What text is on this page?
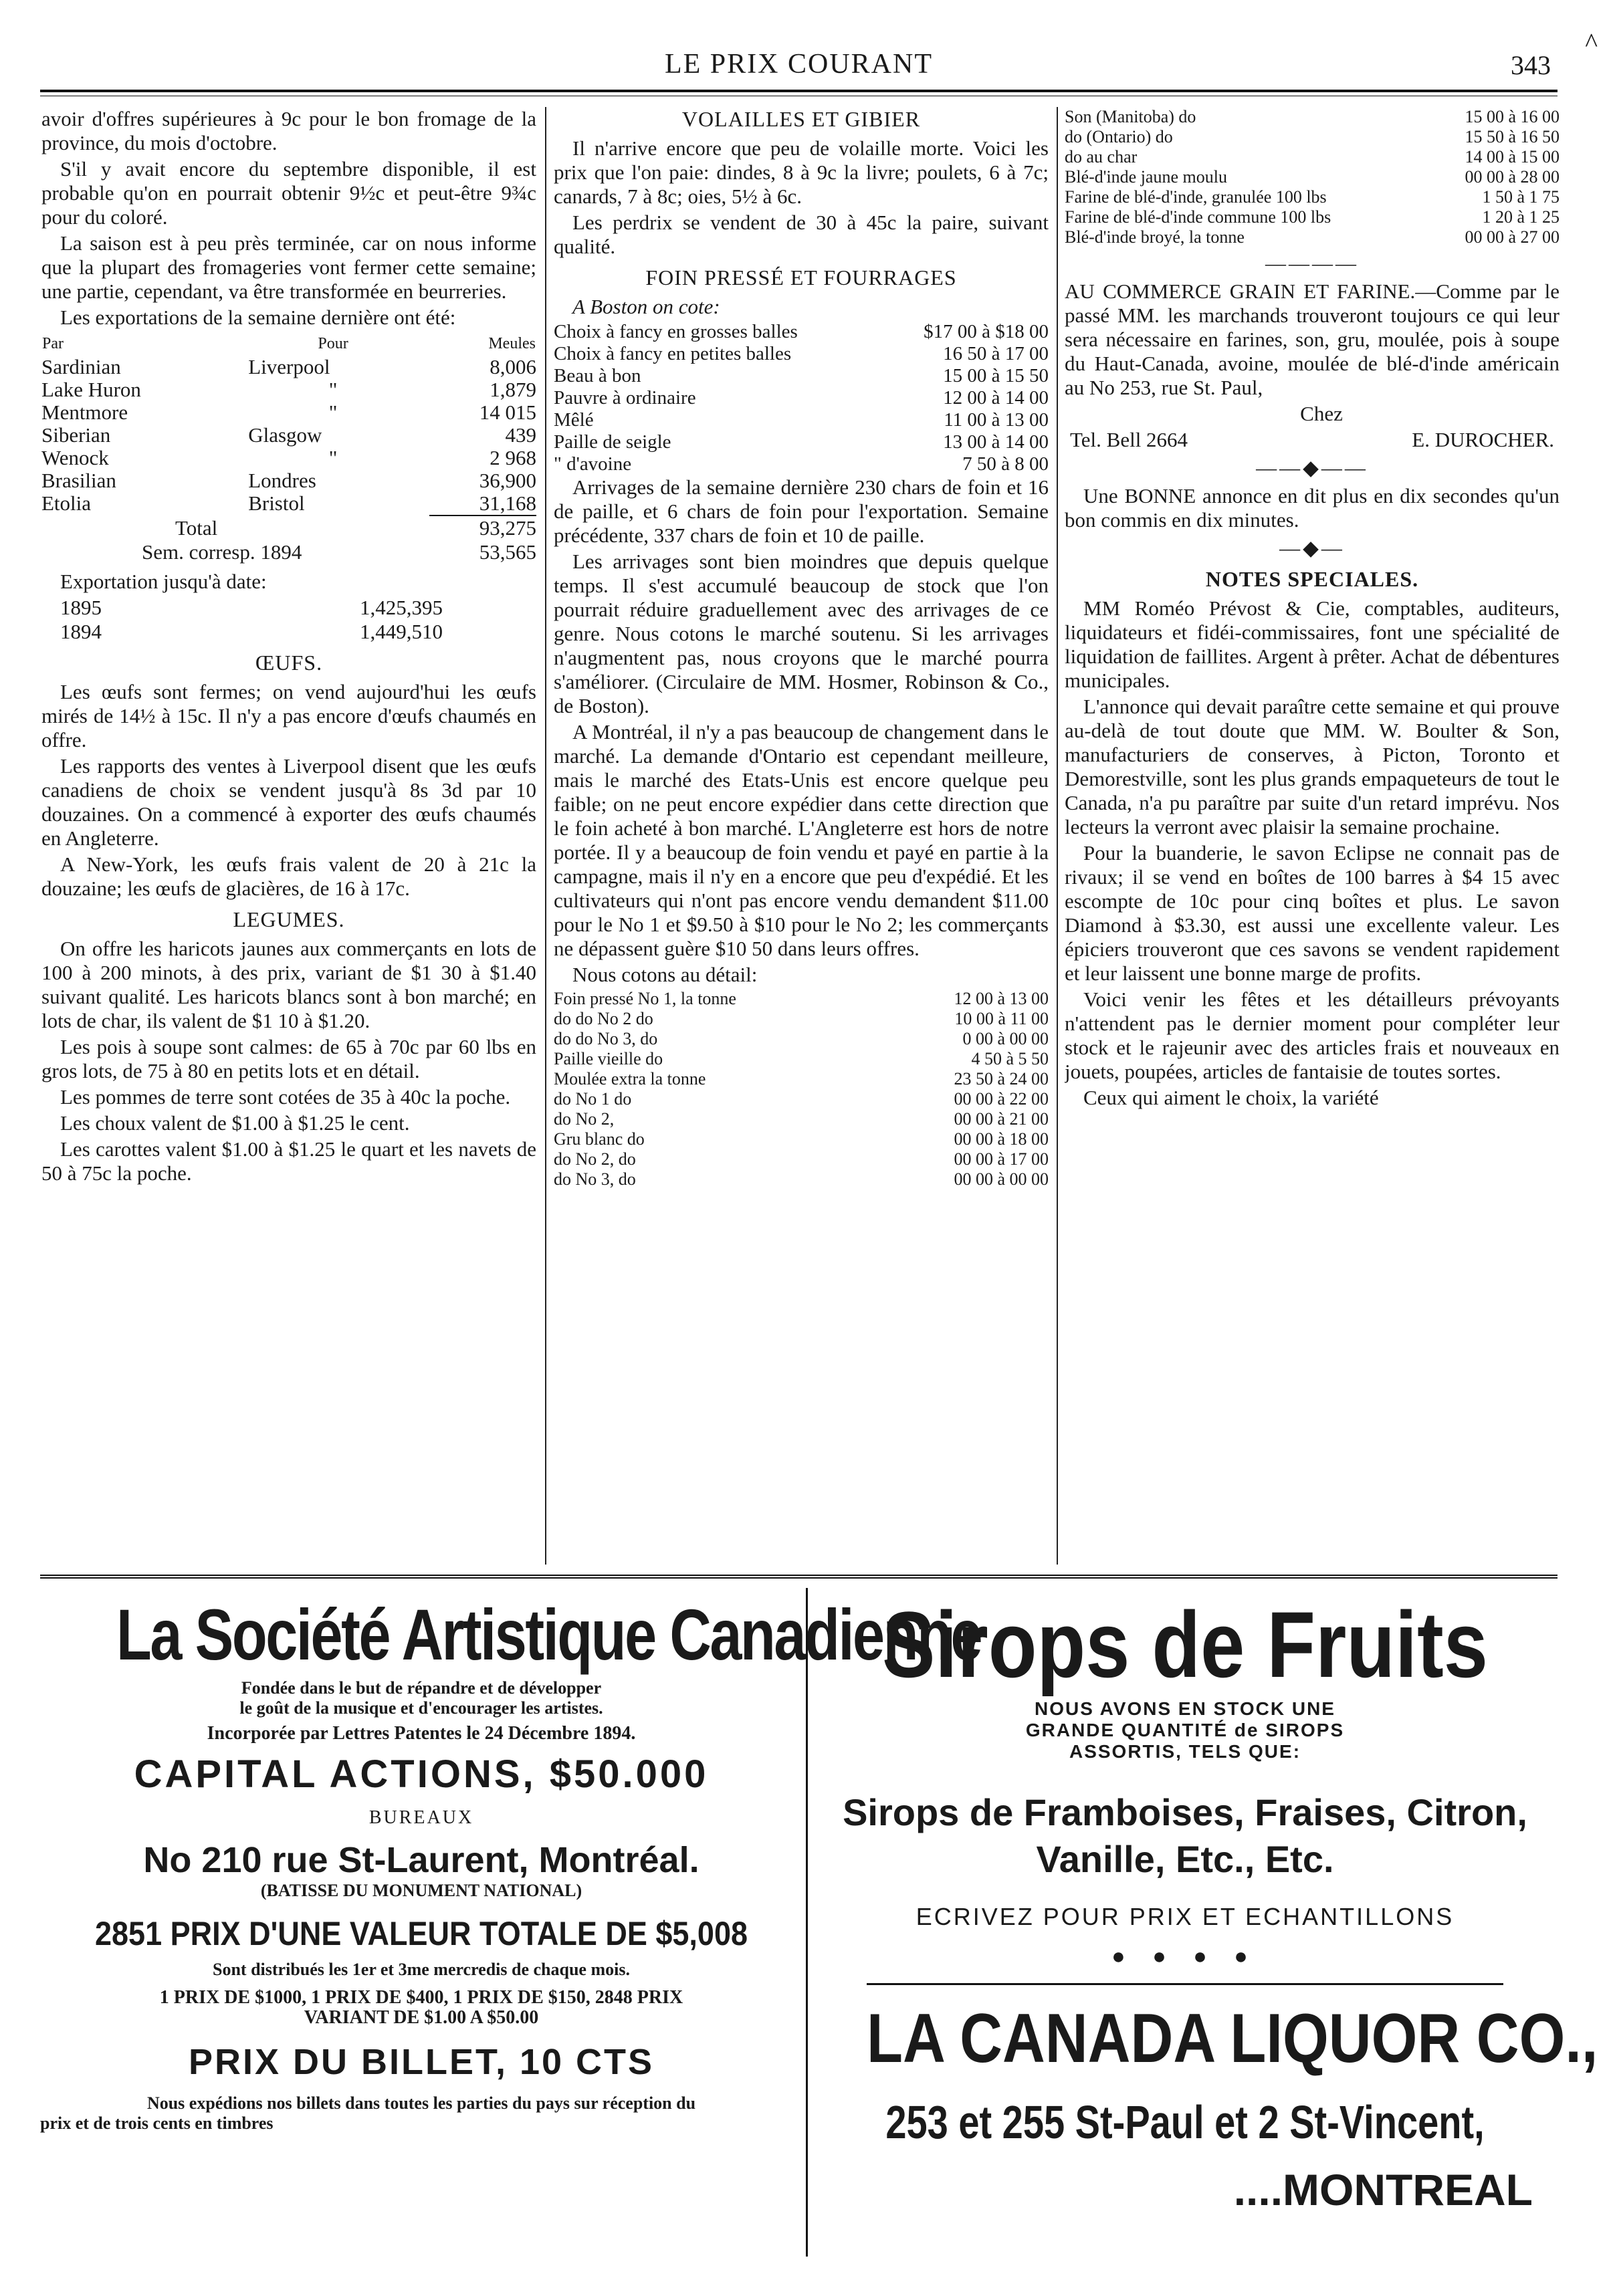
^
LE PRIX COURANT	343

avoir d'offres supérieures à 9c pour le bon fromage de la province, du mois d'octobre.

S'il y avait encore du septembre disponible, il est probable qu'on en pourrait obtenir 9½c et peut-être 9¾c pour du coloré.

La saison est à peu près terminée, car on nous informe que la plupart des fromageries vont fermer cette semaine; une partie, cependant, va être transformée en beurreries.

Les exportations de la semaine dernière ont été:

Par	Pour	Meules
Sardinian	Liverpool	8,006
Lake Huron	"	1,879
Mentmore	"	14 015
Siberian	Glasgow	439
Wenock	"	2 968
Brasilian	Londres	36,900
Etolia	Bristol	31,168
Total	93,275
Sem. corresp. 1894	53,565

Exportation jusqu'à date:

1895	1,425,395
1894	1,449,510
ŒUFS.

Les œufs sont fermes; on vend aujourd'hui les œufs mirés de 14½ à 15c. Il n'y a pas encore d'œufs chaumés en offre.

Les rapports des ventes à Liverpool disent que les œufs canadiens de choix se vendent jusqu'à 8s 3d par 10 douzaines. On a commencé à exporter des œufs chaumés en Angleterre.

A New-York, les œufs frais valent de 20 à 21c la douzaine; les œufs de glacières, de 16 à 17c.

LEGUMES.

On offre les haricots jaunes aux commerçants en lots de 100 à 200 minots, à des prix, variant de $1 30 à $1.40 suivant qualité. Les haricots blancs sont à bon marché; en lots de char, ils valent de $1 10 à $1.20.

Les pois à soupe sont calmes: de 65 à 70c par 60 lbs en gros lots, de 75 à 80 en petits lots et en détail.

Les pommes de terre sont cotées de 35 à 40c la poche.

Les choux valent de $1.00 à $1.25 le cent.

Les carottes valent $1.00 à $1.25 le quart et les navets de 50 à 75c la poche.

VOLAILLES ET GIBIER

Il n'arrive encore que peu de volaille morte. Voici les prix que l'on paie: dindes, 8 à 9c la livre; poulets, 6 à 7c; canards, 7 à 8c; oies, 5½ à 6c.

Les perdrix se vendent de 30 à 45c la paire, suivant qualité.

FOIN PRESSÉ ET FOURRAGES

A Boston on cote:

Choix à fancy en grosses balles	$17 00 à $18 00
Choix à fancy en petites balles	16 50 à 17 00
Beau à bon	15 00 à 15 50
Pauvre à ordinaire	12 00 à 14 00
Mêlé	11 00 à 13 00
Paille de seigle	13 00 à 14 00
" d'avoine	7 50 à 8 00

Arrivages de la semaine dernière 230 chars de foin et 16 de paille, et 6 chars de foin pour l'exportation. Semaine précédente, 337 chars de foin et 10 de paille.

Les arrivages sont bien moindres que depuis quelque temps. Il s'est accumulé beaucoup de stock que l'on pourrait réduire graduellement avec des arrivages de ce genre. Nous cotons le marché soutenu. Si les arrivages n'augmentent pas, nous croyons que le marché pourra s'améliorer. (Circulaire de MM. Hosmer, Robinson & Co., de Boston).

A Montréal, il n'y a pas beaucoup de changement dans le marché. La demande d'Ontario est cependant meilleure, mais le marché des Etats-Unis est encore quelque peu faible; on ne peut encore expédier dans cette direction que le foin acheté à bon marché. L'Angleterre est hors de notre portée. Il y a beaucoup de foin vendu et payé en partie à la campagne, mais il n'y en a encore que peu d'expédié. Et les cultivateurs qui n'ont pas encore vendu demandent $11.00 pour le No 1 et $9.50 à $10 pour le No 2; les commerçants ne dépassent guère $10 50 dans leurs offres.

Nous cotons au détail:

Foin pressé No 1, la tonne	12 00 à 13 00
do do No 2 do	10 00 à 11 00
do do No 3, do	0 00 à 00 00
Paille vieille do	4 50 à 5 50
Moulée extra la tonne	23 50 à 24 00
do No 1 do	00 00 à 22 00
do No 2,	00 00 à 21 00
Gru blanc do	00 00 à 18 00
do No 2, do	00 00 à 17 00
do No 3, do	00 00 à 00 00
Son (Manitoba) do	15 00 à 16 00
do (Ontario) do	15 50 à 16 50
do au char	14 00 à 15 00
Blé-d'inde jaune moulu	00 00 à 28 00
Farine de blé-d'inde, granulée 100 lbs	1 50 à 1 75
Farine de blé-d'inde commune 100 lbs	1 20 à 1 25
Blé-d'inde broyé, la tonne	00 00 à 27 00
————

AU COMMERCE GRAIN ET FARINE.—Comme par le passé MM. les marchands trouveront toujours ce qui leur sera nécessaire en farines, son, gru, moulée, pois à soupe du Haut-Canada, avoine, moulée de blé-d'inde américain au No 253, rue St. Paul,

Chez

Tel. Bell 2664	E. DUROCHER.
——◆——

Une BONNE annonce en dit plus en dix secondes qu'un bon commis en dix minutes.

—◆—
NOTES SPECIALES.

MM Roméo Prévost & Cie, comptables, auditeurs, liquidateurs et fidéi-commissaires, font une spécialité de liquidation de faillites. Argent à prêter. Achat de débentures municipales.

L'annonce qui devait paraître cette semaine et qui prouve au-delà de tout doute que MM. W. Boulter & Son, manufacturiers de conserves, à Picton, Toronto et Demorestville, sont les plus grands empaqueteurs de tout le Canada, n'a pu paraître par suite d'un retard imprévu. Nos lecteurs la verront avec plaisir la semaine prochaine.

Pour la buanderie, le savon Eclipse ne connait pas de rivaux; il se vend en boîtes de 100 barres à $4 15 avec escompte de 10c pour cinq boîtes et plus. Le savon Diamond à $3.30, est aussi une excellente valeur. Les épiciers trouveront que ces savons se vendent rapidement et leur laissent une bonne marge de profits.

Voici venir les fêtes et les détailleurs prévoyants n'attendent pas le dernier moment pour compléter leur stock et le rajeunir avec des articles frais et nouveaux en jouets, poupées, articles de fantaisie de toutes sortes.

Ceux qui aiment le choix, la variété

La Société Artistique Canadienne
Fondée dans le but de répandre et de développer
le goût de la musique et d'encourager les artistes.
Incorporée par Lettres Patentes le 24 Décembre 1894.
CAPITAL ACTIONS, $50.000
BUREAUX
No 210 rue St-Laurent, Montréal.
(BATISSE DU MONUMENT NATIONAL)
2851 PRIX D'UNE VALEUR TOTALE DE $5,008
Sont distribués les 1er et 3me mercredis de chaque mois.
1 PRIX DE $1000, 1 PRIX DE $400, 1 PRIX DE $150, 2848 PRIX
VARIANT DE $1.00 A $50.00
PRIX DU BILLET, 10 CTS
Nous expédions nos billets dans toutes les parties du pays sur réception du
prix et de trois cents en timbres
Sirops de Fruits
NOUS AVONS EN STOCK UNE
GRANDE QUANTITÉ de SIROPS
ASSORTIS, TELS QUE:
Sirops de Framboises, Fraises, Citron,
Vanille, Etc., Etc.
ECRIVEZ POUR PRIX ET ECHANTILLONS
● ● ● ●
LA CANADA LIQUOR CO.,
253 et 255 St-Paul et 2 St-Vincent,
....MONTREAL
